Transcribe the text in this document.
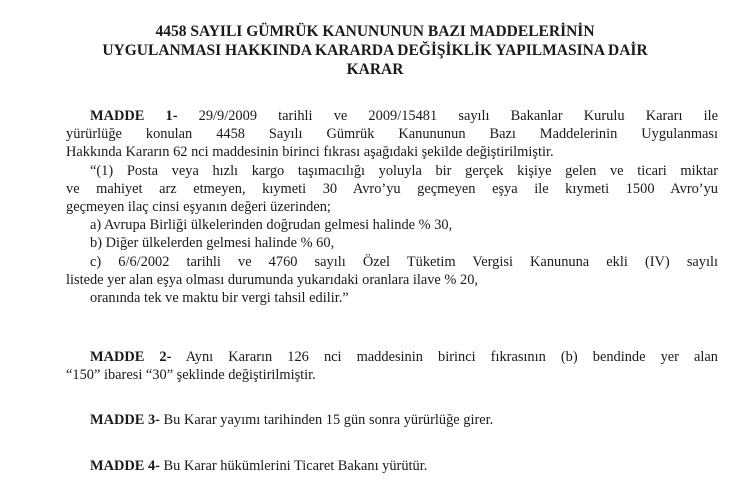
4458 SAYILI GÜMRÜK KANUNUNUN BAZI MADDELERİNİN
UYGULANMASI HAKKINDA KARARDA DEĞİŞİKLİK YAPILMASINA DAİR
KARAR
MADDE 1- 29/9/2009 tarihli ve 2009/15481 sayılı Bakanlar Kurulu Kararı ile
yürürlüğe konulan 4458 Sayılı Gümrük Kanununun Bazı Maddelerinin Uygulanması
Hakkında Kararın 62 nci maddesinin birinci fıkrası aşağıdaki şekilde değiştirilmiştir.
“(1) Posta veya hızlı kargo taşımacılığı yoluyla bir gerçek kişiye gelen ve ticari miktar
ve mahiyet arz etmeyen, kıymeti 30 Avro’yu geçmeyen eşya ile kıymeti 1500 Avro’yu
geçmeyen ilaç cinsi eşyanın değeri üzerinden;
a) Avrupa Birliği ülkelerinden doğrudan gelmesi halinde % 30,
b) Diğer ülkelerden gelmesi halinde % 60,
c) 6/6/2002 tarihli ve 4760 sayılı Özel Tüketim Vergisi Kanununa ekli (IV) sayılı
listede yer alan eşya olması durumunda yukarıdaki oranlara ilave % 20,
oranında tek ve maktu bir vergi tahsil edilir.”
MADDE 2- Aynı Kararın 126 nci maddesinin birinci fıkrasının (b) bendinde yer alan
“150” ibaresi “30” şeklinde değiştirilmiştir.
MADDE 3- Bu Karar yayımı tarihinden 15 gün sonra yürürlüğe girer.
MADDE 4- Bu Karar hükümlerini Ticaret Bakanı yürütür.
